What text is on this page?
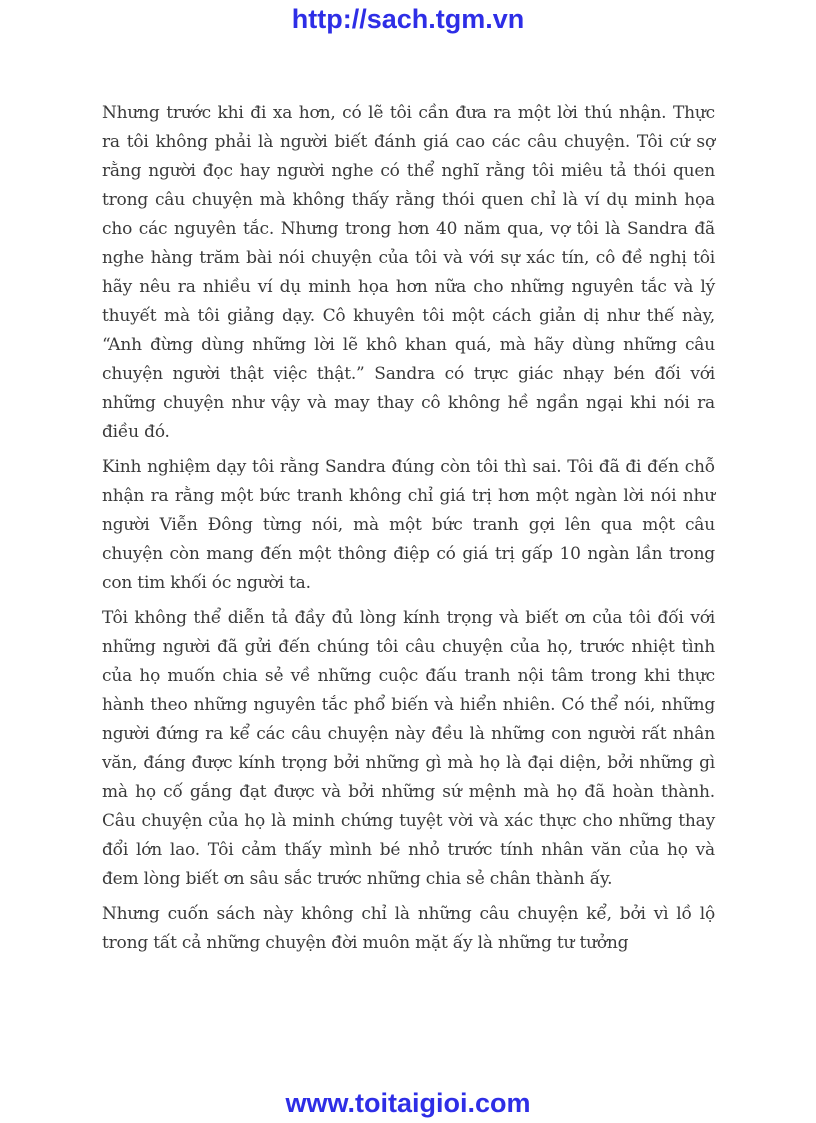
http://sach.tgm.vn

Nhưng trước khi đi xa hơn, có lẽ tôi cần đưa ra một lời thú nhận. Thực ra tôi không phải là người biết đánh giá cao các câu chuyện. Tôi cứ sợ rằng người đọc hay người nghe có thể nghĩ rằng tôi miêu tả thói quen trong câu chuyện mà không thấy rằng thói quen chỉ là ví dụ minh họa cho các nguyên tắc. Nhưng trong hơn 40 năm qua, vợ tôi là Sandra đã nghe hàng trăm bài nói chuyện của tôi và với sự xác tín, cô đề nghị tôi hãy nêu ra nhiều ví dụ minh họa hơn nữa cho những nguyên tắc và lý thuyết mà tôi giảng dạy. Cô khuyên tôi một cách giản dị như thế này, “Anh đừng dùng những lời lẽ khô khan quá, mà hãy dùng những câu chuyện người thật việc thật.” Sandra có trực giác nhạy bén đối với những chuyện như vậy và may thay cô không hề ngần ngại khi nói ra điều đó.

Kinh nghiệm dạy tôi rằng Sandra đúng còn tôi thì sai. Tôi đã đi đến chỗ nhận ra rằng một bức tranh không chỉ giá trị hơn một ngàn lời nói như người Viễn Đông từng nói, mà một bức tranh gợi lên qua một câu chuyện còn mang đến một thông điệp có giá trị gấp 10 ngàn lần trong con tim khối óc người ta.

Tôi không thể diễn tả đầy đủ lòng kính trọng và biết ơn của tôi đối với những người đã gửi đến chúng tôi câu chuyện của họ, trước nhiệt tình của họ muốn chia sẻ về những cuộc đấu tranh nội tâm trong khi thực hành theo những nguyên tắc phổ biến và hiển nhiên. Có thể nói, những người đứng ra kể các câu chuyện này đều là những con người rất nhân văn, đáng được kính trọng bởi những gì mà họ là đại diện, bởi những gì mà họ cố gắng đạt được và bởi những sứ mệnh mà họ đã hoàn thành. Câu chuyện của họ là minh chứng tuyệt vời và xác thực cho những thay đổi lớn lao. Tôi cảm thấy mình bé nhỏ trước tính nhân văn của họ và đem lòng biết ơn sâu sắc trước những chia sẻ chân thành ấy.

Nhưng cuốn sách này không chỉ là những câu chuyện kể, bởi vì lồ lộ trong tất cả những chuyện đời muôn mặt ấy là những tư tưởng

www.toitaigioi.com
